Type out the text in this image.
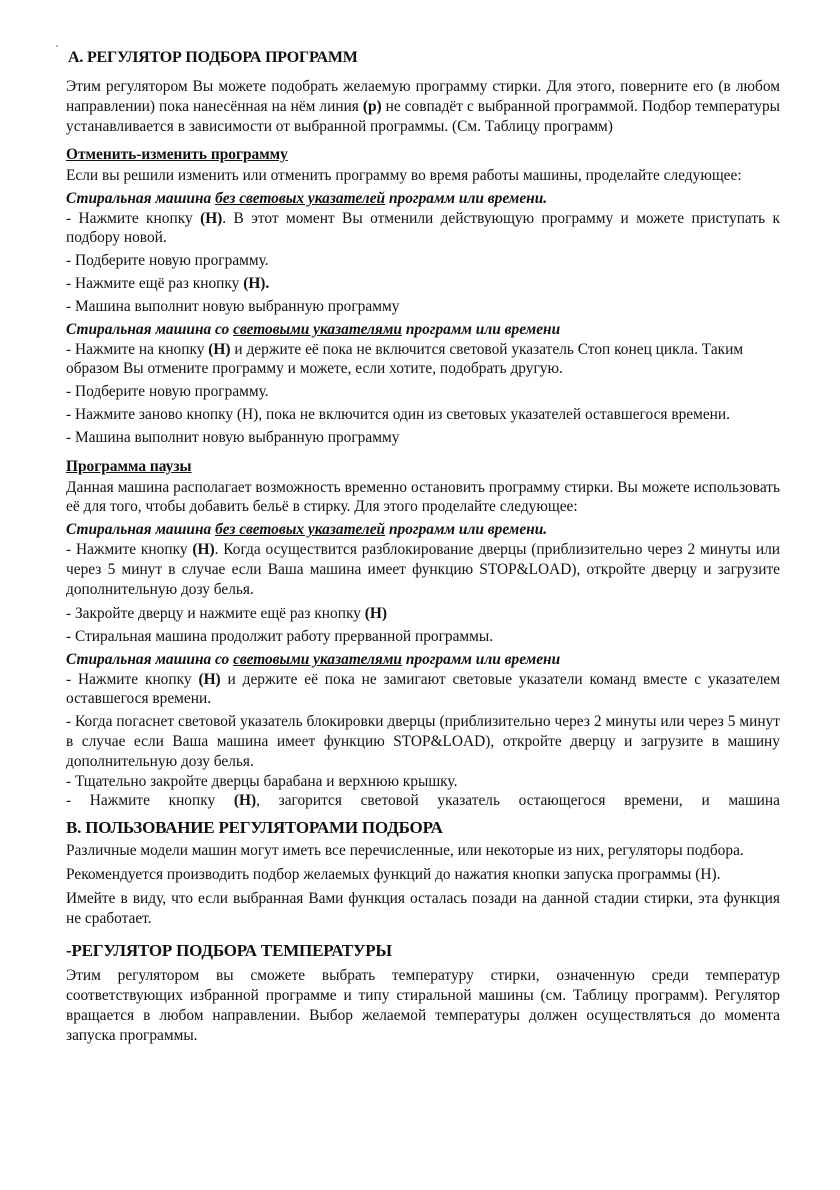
А. РЕГУЛЯТОР ПОДБОРА ПРОГРАММ
Этим регулятором Вы можете подобрать желаемую программу стирки. Для этого, поверните его (в любом направлении) пока нанесённая на нём линия (р) не совпадёт с выбранной программой. Подбор температуры устанавливается в зависимости от выбранной программы. (См. Таблицу программ)
Отменить-изменить программу
Если вы решили изменить или отменить программу во время работы машины, проделайте следующее:
Стиральная машина без световых указателей программ или времени.
- Нажмите кнопку (Н). В этот момент Вы отменили действующую программу и можете приступать к подбору новой.
- Подберите новую программу.
- Нажмите ещё раз кнопку (Н).
- Машина выполнит новую выбранную программу
Стиральная машина со световыми указателями программ или времени
- Нажмите на кнопку (Н) и держите её пока не включится световой указатель Стоп конец цикла. Таким образом Вы отмените программу и можете, если хотите, подобрать другую.
- Подберите новую программу.
- Нажмите заново кнопку (Н), пока не включится один из световых указателей оставшегося времени.
- Машина выполнит новую выбранную программу
Программа паузы
Данная машина располагает возможность временно остановить программу стирки. Вы можете использовать её для того, чтобы добавить бельё в стирку. Для этого проделайте следующее:
Стиральная машина без световых указателей программ или времени.
- Нажмите кнопку (Н). Когда осуществится разблокирование дверцы (приблизительно через 2 минуты или через 5 минут в случае если Ваша машина имеет функцию STOP&LOAD), откройте дверцу и загрузите дополнительную дозу белья.
- Закройте дверцу и нажмите ещё раз кнопку (Н)
- Стиральная машина продолжит работу прерванной программы.
Стиральная машина со световыми указателями программ или времени
- Нажмите кнопку (Н) и держите её пока не замигают световые указатели команд вместе с указателем оставшегося времени.
- Когда погаснет световой указатель блокировки дверцы (приблизительно через 2 минуты или через 5 минут в случае если Ваша машина имеет функцию STOP&LOAD), откройте дверцу и загрузите в машину дополнительную дозу белья.
- Тщательно закройте дверцы барабана и верхнюю крышку.
- Нажмите кнопку (Н), загорится световой указатель остающегося времени, и машина
В. ПОЛЬЗОВАНИЕ РЕГУЛЯТОРАМИ ПОДБОРА
Различные модели машин могут иметь все перечисленные, или некоторые из них, регуляторы подбора.
Рекомендуется производить подбор желаемых функций до нажатия кнопки запуска программы (Н).
Имейте в виду, что если выбранная Вами функция осталась позади на данной стадии стирки, эта функция не сработает.
-РЕГУЛЯТОР ПОДБОРА ТЕМПЕРАТУРЫ
Этим регулятором вы сможете выбрать температуру стирки, означенную среди температур соответствующих избранной программе и типу стиральной машины (см. Таблицу программ). Регулятор вращается в любом направлении. Выбор желаемой температуры должен осуществляться до момента запуска программы.
